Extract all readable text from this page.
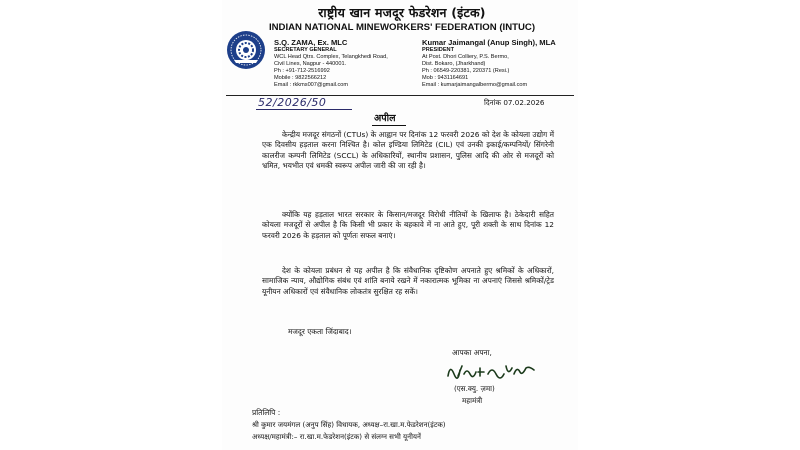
राष्ट्रीय खान मजदूर फेडरेशन (इंटक)
INDIAN NATIONAL MINEWORKERS' FEDERATION (INTUC)
S.Q. ZAMA, Ex. MLC
SECRETARY GENERAL
WCL Head Qtrs. Complex, Telangkhedi Road,
Civil Lines, Nagpur - 440001.
Ph : +91-712-2516992
Mobile : 9822566212
Email : rkkms007@gmail.com
Kumar Jaimangal (Anup Singh), MLA
PRESIDENT
At Post. Dhori Colliery, P.S. Bermo,
Dist. Bokaro, (Jharkhand)
Ph : 06549-220381, 220371 (Resi.)
Mob : 9431164691
Email : kumarjaimangalbermo@gmail.com
52/2026/50	दिनांक 07.02.2026
अपील

केन्द्रीय मजदूर संगठनों (CTUs) के आह्वान पर दिनांक 12 फरवरी 2026 को देश के कोयला उद्योग में एक दिवसीय हड़ताल करना निश्चित है। कोल इण्डिया लिमिटेड (CIL) एवं उनकी इकाई/कम्पनियों/ सिंगरेनी कालरीज कम्पनी लिमिटेड (SCCL) के अधिकारियों, स्थानीय प्रशासन, पुलिस आदि की ओर से मजदूरों को भ्रमित, भयभीत एवं धमकी स्वरूप अपील जारी की जा रही है।

क्योंकि यह हड़ताल भारत सरकार के किसान/मजदूर विरोधी नीतियों के खिलाफ है। ठेकेदारी सहित कोयला मजदूरों से अपील है कि किसी भी प्रकार के बहकावे में ना आते हुए, पूरी शक्ती के साथ दिनांक 12 फरवरी 2026 के हड़ताल को पूर्णतः सफल बनाएं।

देश के कोयला प्रबंधन से यह अपील है कि संवैधानिक दृष्टिकोण अपनाते हुए श्रमिकों के अधिकारों, सामाजिक न्याय, औद्योगिक संबंध एवं शांति बनाये रखने में नकारात्मक भूमिका ना अपनाएं जिससे श्रमिकों/ट्रेड यूनीयन अधिकारों एवं संवैधानिक लोकतंत्र सुरक्षित रह सकें।

मजदूर एकता जिंदाबाद।
आपका अपना,
(एस.क्यु. ज़मा)
महामंत्री
प्रतिलिपि :
श्री कुमार जयमंगल (अनुप सिंह) विधायक, अध्यक्ष–रा.खा.म.फेडरेशन(इंटक)
अध्यक्ष/महामंत्री:– रा.खा.म.फेडरेशन(इंटक) से संलग्न सभी यूनीयनें
